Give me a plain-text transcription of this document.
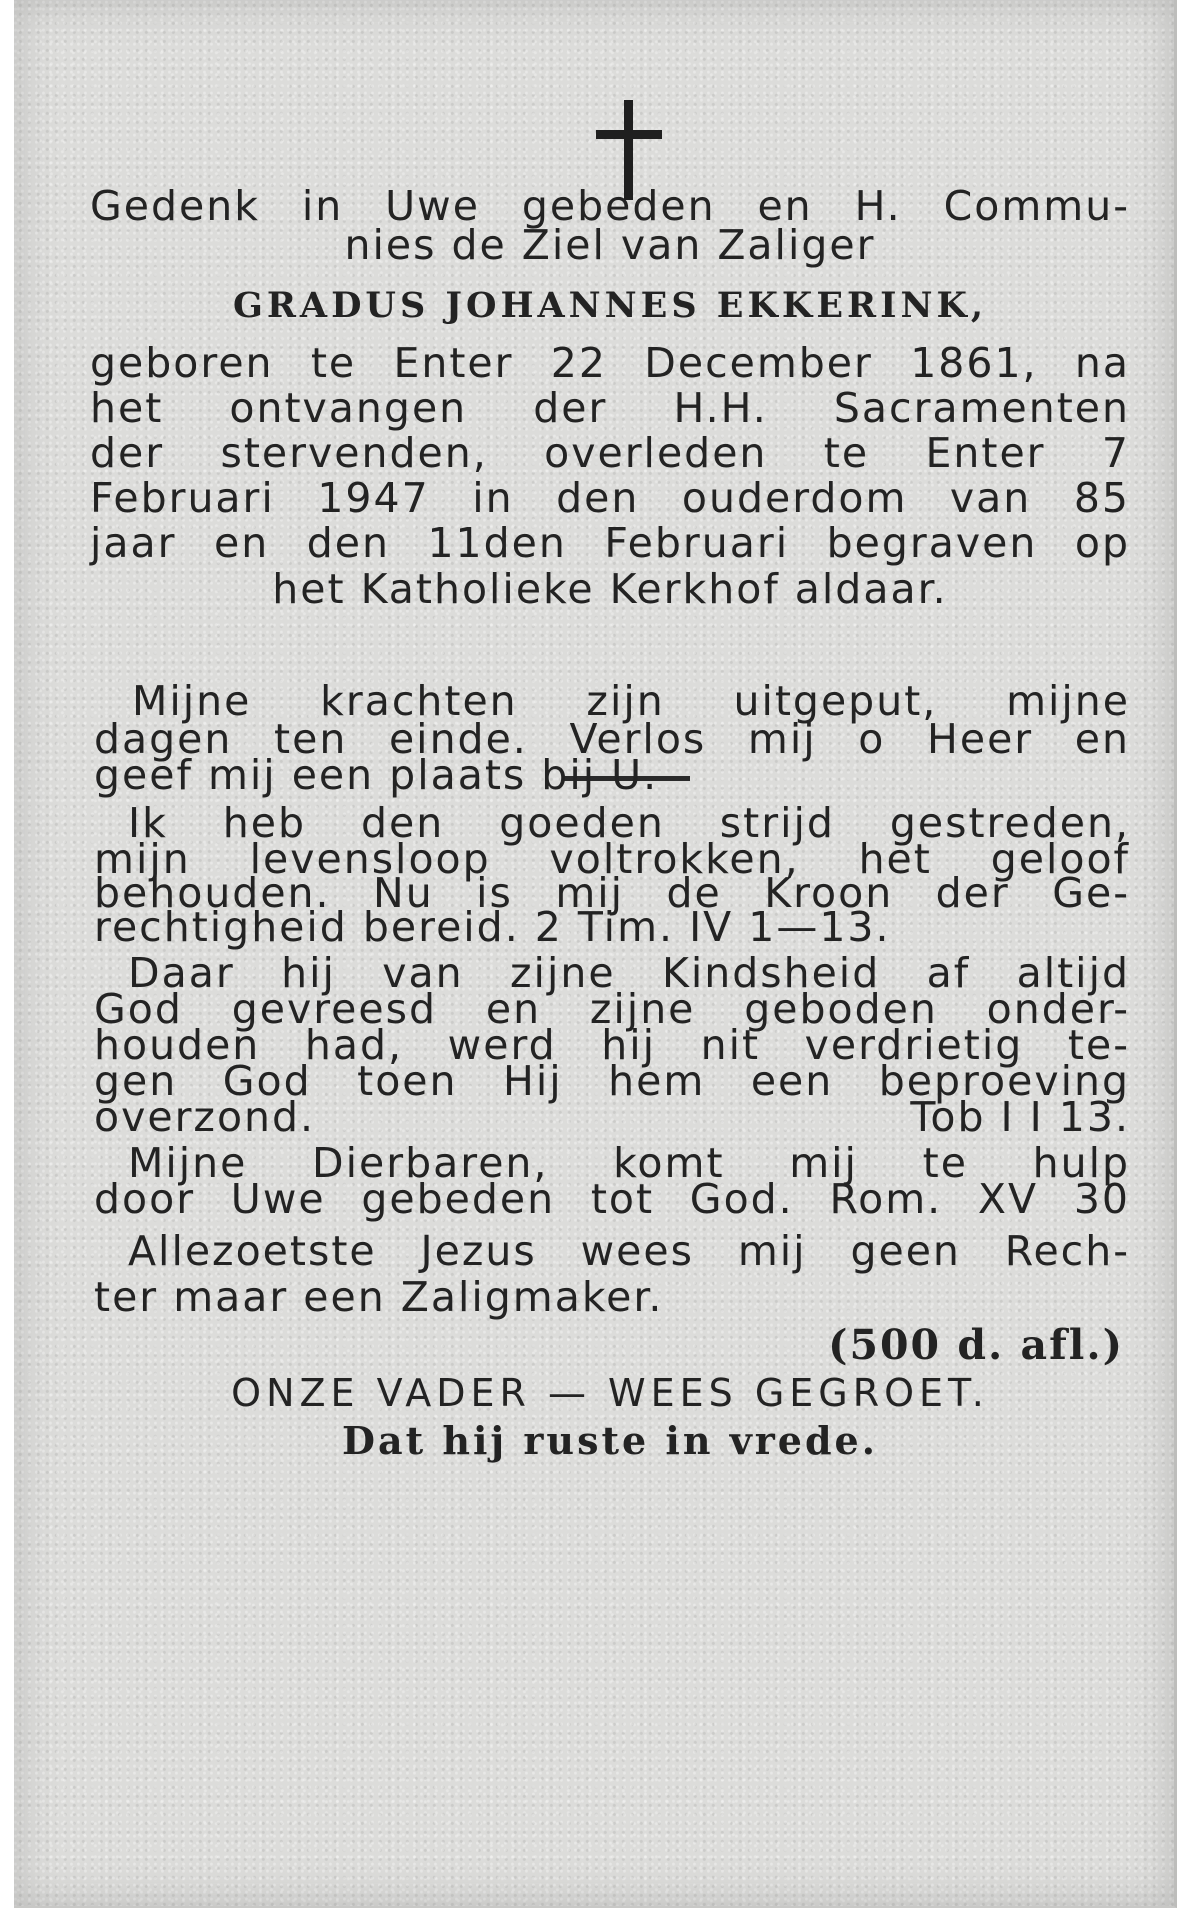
Gedenk in Uwe gebeden en H. Commu-

nies de Ziel van Zaliger

GRADUS JOHANNES EKKERINK,

geboren te Enter 22 December 1861, na

het ontvangen der H.H. Sacramenten

der stervenden, overleden te Enter 7

Februari 1947 in den ouderdom van 85

jaar en den 11den Februari begraven op

het Katholieke Kerkhof aldaar.

Mijne krachten zijn uitgeput, mijne

dagen ten einde. Verlos mij o Heer en

geef mij een plaats bij U.

Ik heb den goeden strijd gestreden,

mijn levensloop voltrokken, het geloof

behouden. Nu is mij de Kroon der Ge-

rechtigheid bereid. 2 Tim. IV 1—13.

Daar hij van zijne Kindsheid af altijd

God gevreesd en zijne geboden onder-

houden had, werd hij nit verdrietig te-

gen God toen Hij hem een beproeving

overzond.	Tob I I 13.

Mijne Dierbaren, komt mij te hulp

door Uwe gebeden tot God. Rom. XV 30

Allezoetste Jezus wees mij geen Rech-

ter maar een Zaligmaker.

(500 d. afl.)

ONZE VADER — WEES GEGROET.

Dat hij ruste in vrede.
